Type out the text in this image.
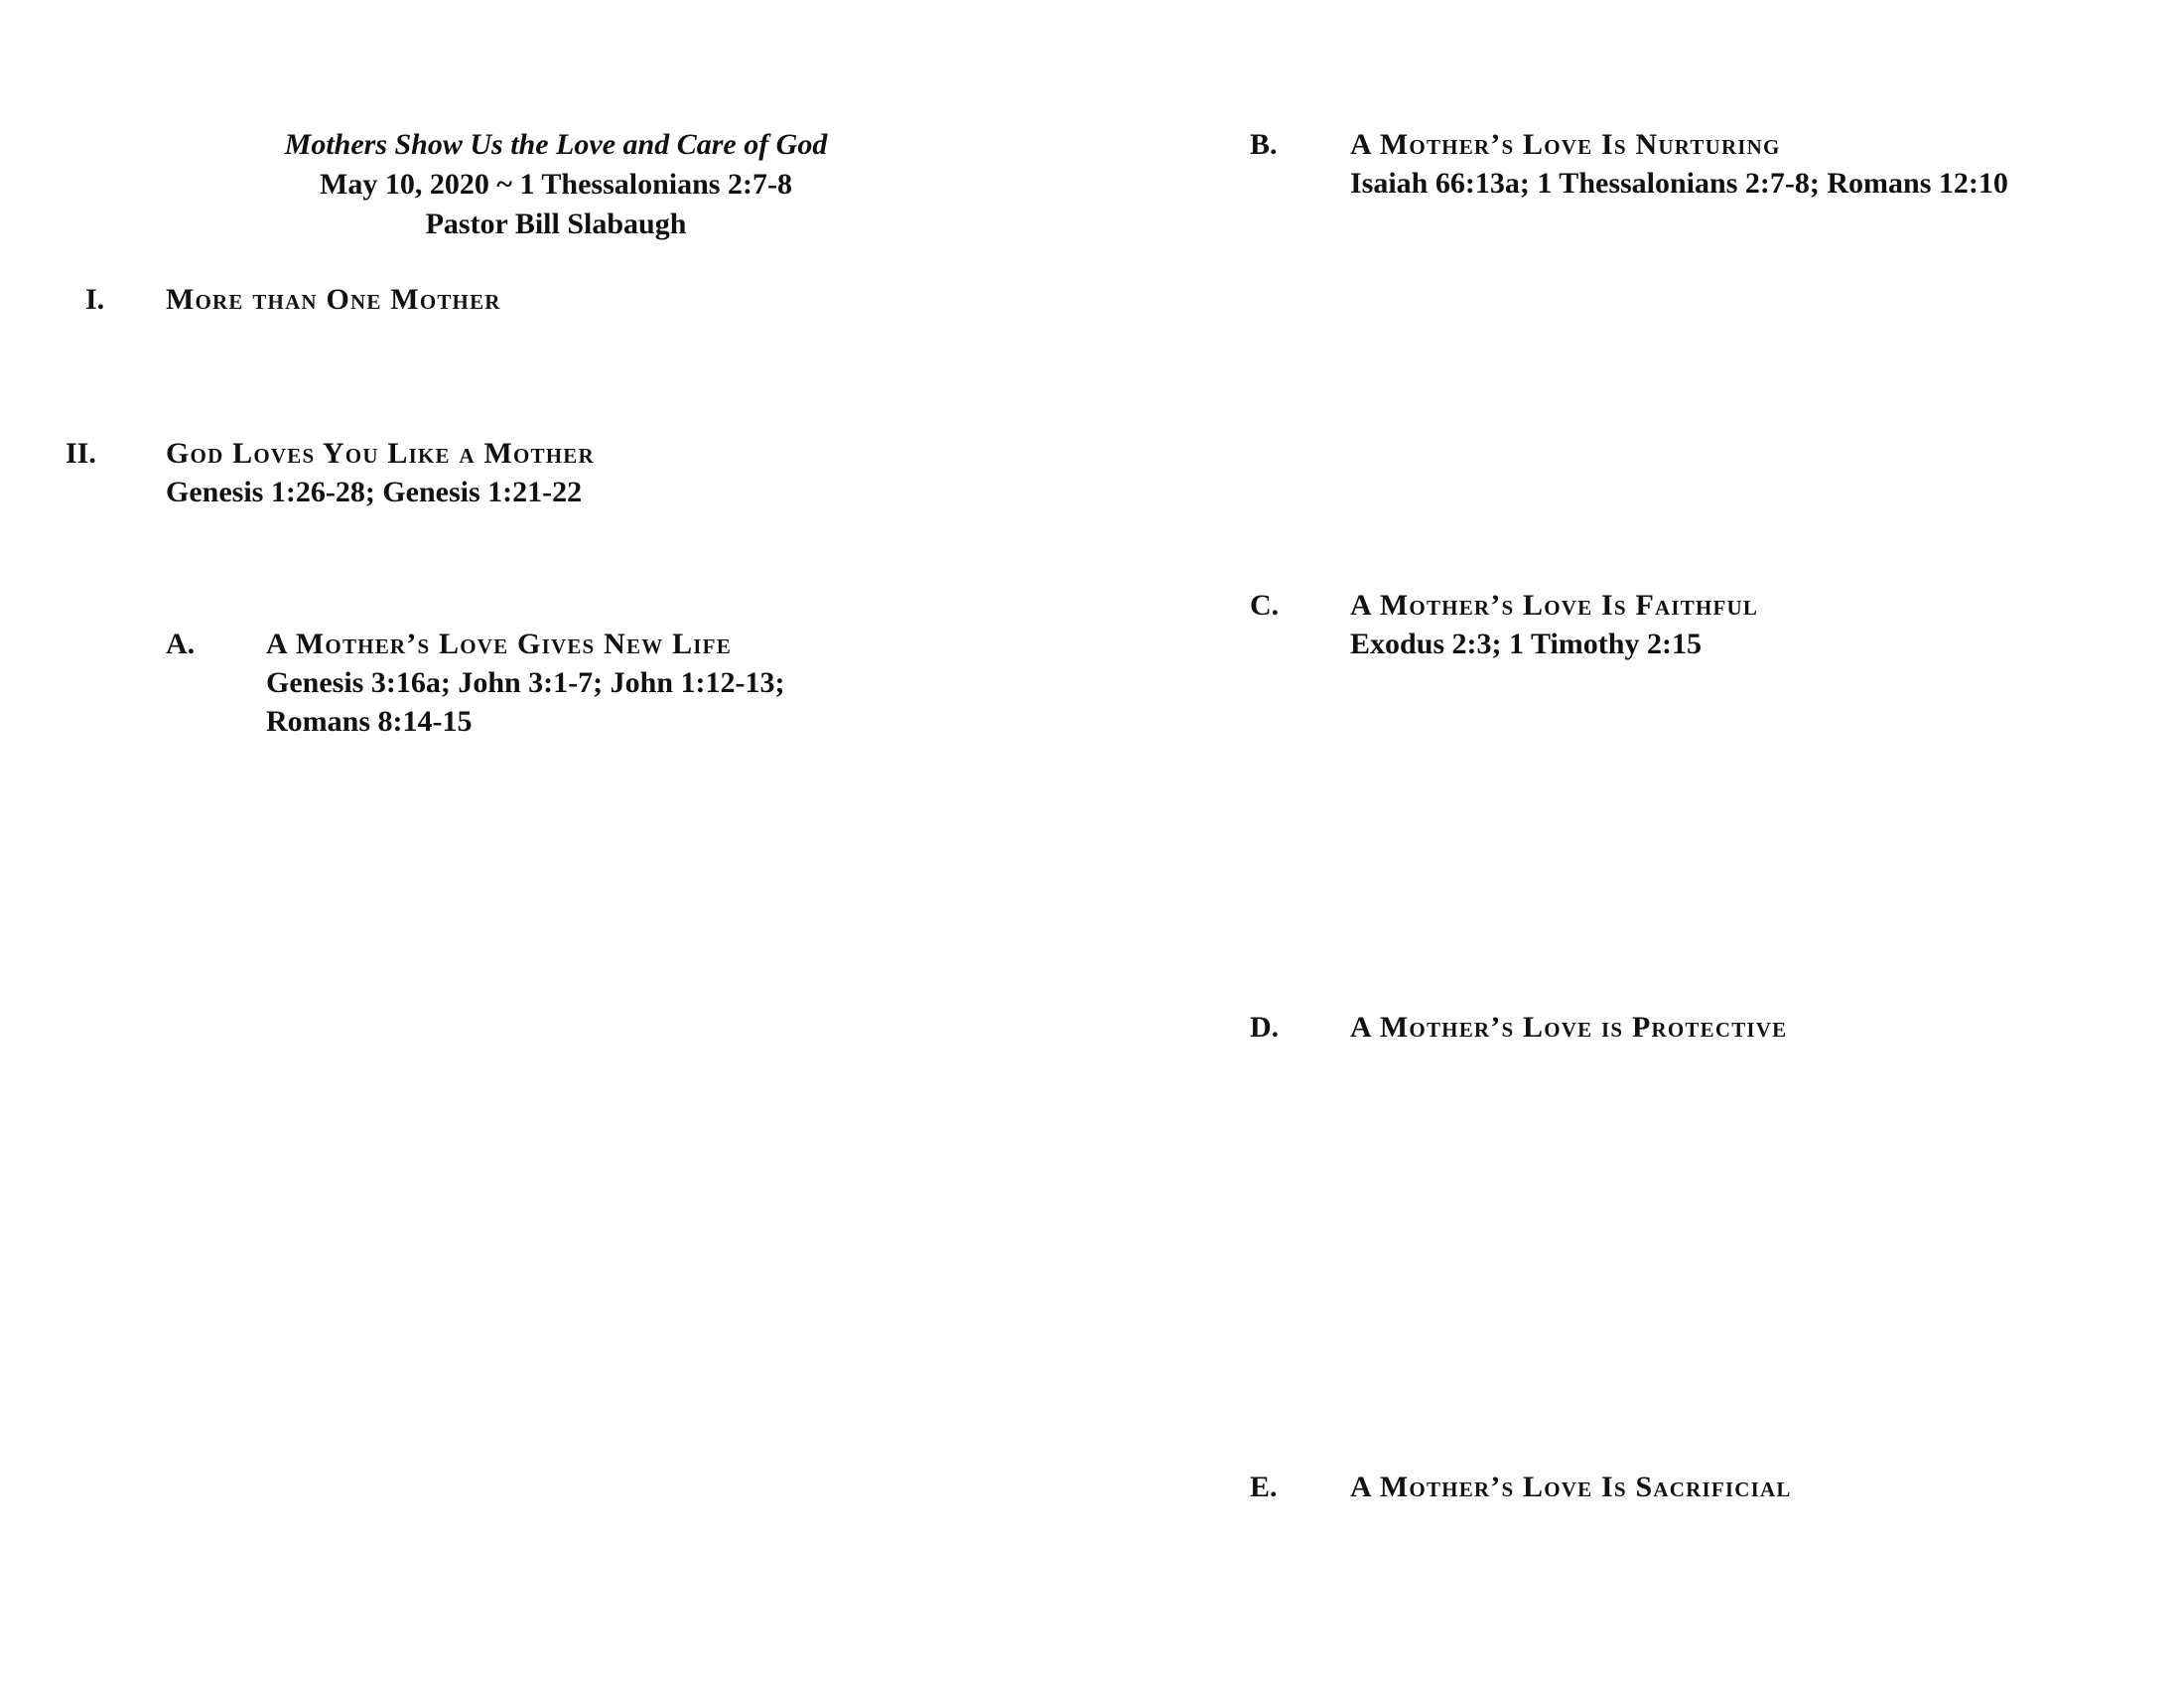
Mothers Show Us the Love and Care of God
May 10, 2020 ~ 1 Thessalonians 2:7-8
Pastor Bill Slabaugh
I. More than One Mother
II. God Loves You Like a Mother
Genesis 1:26-28; Genesis 1:21-22
A. A Mother’s Love Gives New Life
Genesis 3:16a; John 3:1-7; John 1:12-13;
Romans 8:14-15
B. A Mother’s Love Is Nurturing
Isaiah 66:13a; 1 Thessalonians 2:7-8; Romans 12:10
C. A Mother’s Love Is Faithful
Exodus 2:3; 1 Timothy 2:15
D. A Mother’s Love is Protective
E. A Mother’s Love Is Sacrificial
